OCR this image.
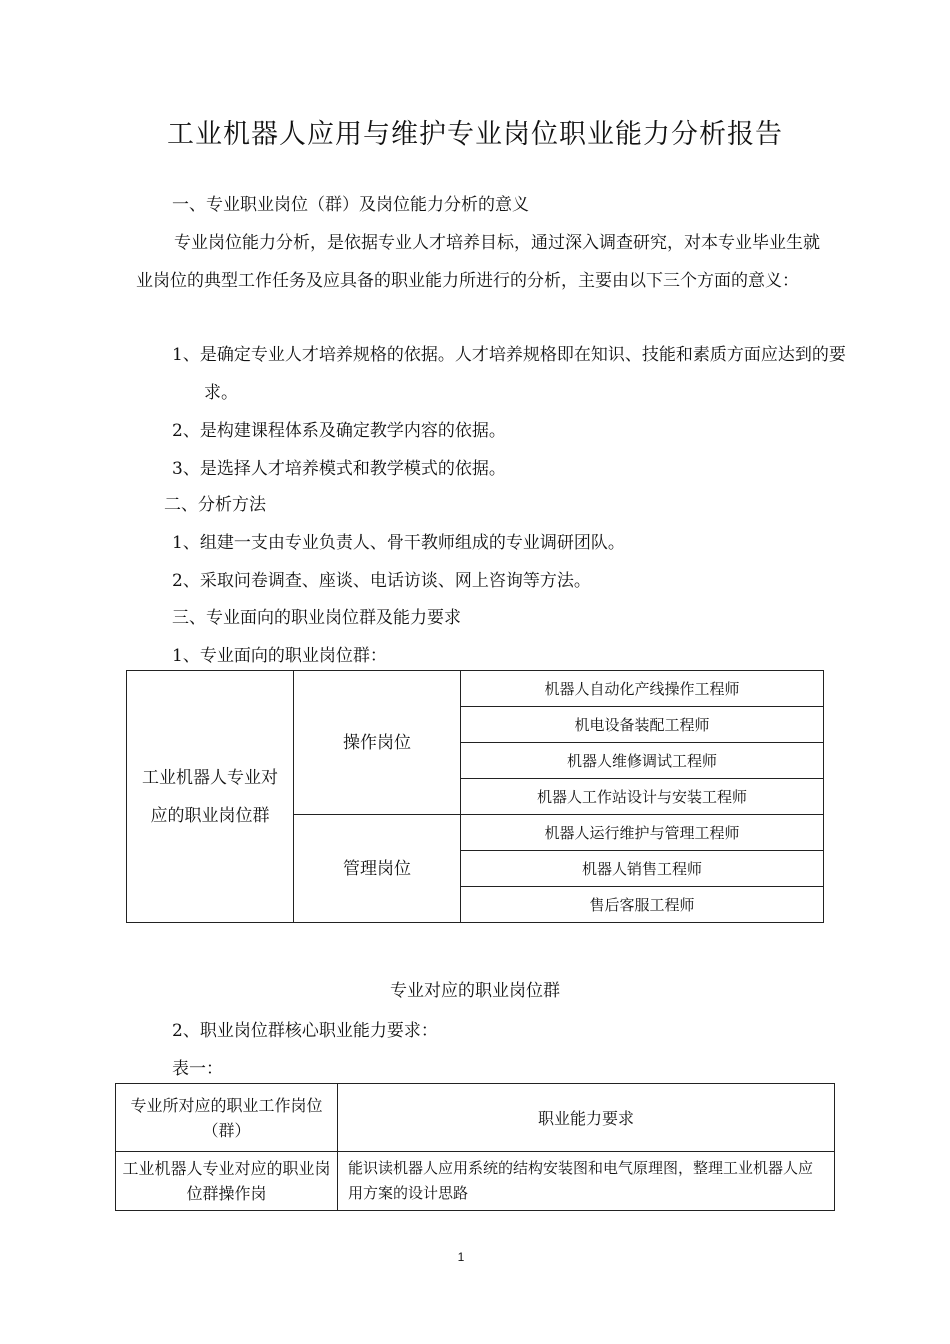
工业机器人应用与维护专业岗位职业能力分析报告
一、专业职业岗位（群）及岗位能力分析的意义
专业岗位能力分析，是依据专业人才培养目标，通过深入调查研究，对本专业毕业生就业岗位的典型工作任务及应具备的职业能力所进行的分析，主要由以下三个方面的意义：
1、是确定专业人才培养规格的依据。人才培养规格即在知识、技能和素质方面应达到的要求。
2、是构建课程体系及确定教学内容的依据。
3、是选择人才培养模式和教学模式的依据。
二、分析方法
1、组建一支由专业负责人、骨干教师组成的专业调研团队。
2、采取问卷调查、座谈、电话访谈、网上咨询等方法。
三、专业面向的职业岗位群及能力要求
1、专业面向的职业岗位群：
工业机器人专业对应的职业岗位群	操作岗位	机器人自动化产线操作工程师
		机电设备装配工程师
		机器人维修调试工程师
		机器人工作站设计与安装工程师
	管理岗位	机器人运行维护与管理工程师
		机器人销售工程师
		售后客服工程师
专业对应的职业岗位群
2、职业岗位群核心职业能力要求：
表一：
专业所对应的职业工作岗位（群）	职业能力要求
工业机器人专业对应的职业岗位群操作岗	能识读机器人应用系统的结构安装图和电气原理图，整理工业机器人应用方案的设计思路
1
